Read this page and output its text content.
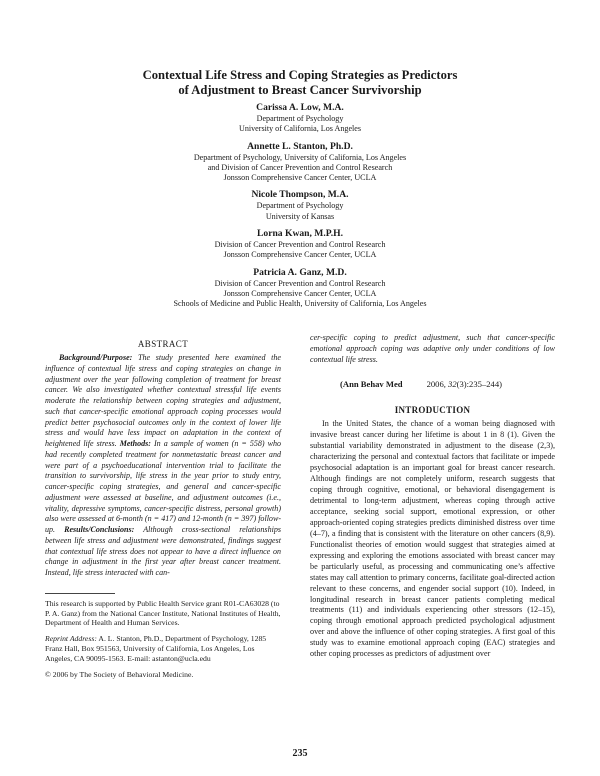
Contextual Life Stress and Coping Strategies as Predictors
of Adjustment to Breast Cancer Survivorship
Carissa A. Low, M.A.
Department of Psychology
University of California, Los Angeles
Annette L. Stanton, Ph.D.
Department of Psychology, University of California, Los Angeles
and Division of Cancer Prevention and Control Research
Jonsson Comprehensive Cancer Center, UCLA
Nicole Thompson, M.A.
Department of Psychology
University of Kansas
Lorna Kwan, M.P.H.
Division of Cancer Prevention and Control Research
Jonsson Comprehensive Cancer Center, UCLA
Patricia A. Ganz, M.D.
Division of Cancer Prevention and Control Research
Jonsson Comprehensive Cancer Center, UCLA
Schools of Medicine and Public Health, University of California, Los Angeles
ABSTRACT

Background/Purpose: The study presented here examined the influence of contextual life stress and coping strategies on change in adjustment over the year following completion of treatment for breast cancer. We also investigated whether contextual stressful life events moderate the relationship between coping strategies and adjustment, such that cancer-specific emotional approach coping processes would predict better psychosocial outcomes only in the context of lower life stress and would have less impact on adaptation in the context of heightened life stress. Methods: In a sample of women (n = 558) who had recently completed treatment for nonmetastatic breast cancer and were part of a psychoeducational intervention trial to facilitate the transition to survivorship, life stress in the year prior to study entry, cancer-specific coping strategies, and general and cancer-specific adjustment were assessed at baseline, and adjustment outcomes (i.e., vitality, depressive symptoms, cancer-specific distress, personal growth) also were assessed at 6-month (n = 417) and 12-month (n = 397) follow-up. Results/Conclusions: Although cross-sectional relationships between life stress and adjustment were demonstrated, findings suggest that contextual life stress does not appear to have a direct influence on change in adjustment in the first year after breast cancer treatment. Instead, life stress interacted with can-

This research is supported by Public Health Service grant R01-CA63028 (to P. A. Ganz) from the National Cancer Institute, National Institutes of Health, Department of Health and Human Services.

Reprint Address: A. L. Stanton, Ph.D., Department of Psychology, 1285 Franz Hall, Box 951563, University of California, Los Angeles, Los Angeles, CA 90095-1563. E-mail: astanton@ucla.edu

© 2006 by The Society of Behavioral Medicine.

cer-specific coping to predict adjustment, such that cancer-specific emotional approach coping was adaptive only under conditions of low contextual life stress.

(Ann Behav Med	2006, 32(3):235–244)
INTRODUCTION

In the United States, the chance of a woman being diagnosed with invasive breast cancer during her lifetime is about 1 in 8 (1). Given the substantial variability demonstrated in adjustment to the disease (2,3), characterizing the personal and contextual factors that facilitate or impede psychosocial adaptation is an important goal for breast cancer research. Although findings are not completely uniform, research suggests that coping through cognitive, emotional, or behavioral disengagement is detrimental to long-term adjustment, whereas coping through active acceptance, seeking social support, emotional expression, or other approach-oriented coping strategies predicts diminished distress over time (4–7), a finding that is consistent with the literature on other cancers (8,9). Functionalist theories of emotion would suggest that strategies aimed at expressing and exploring the emotions associated with breast cancer may be particularly useful, as processing and communicating one’s affective states may call attention to primary concerns, facilitate goal-directed action relevant to these concerns, and engender social support (10). Indeed, in longitudinal research in breast cancer patients completing medical treatments (11) and individuals experiencing other stressors (12–15), coping through emotional approach predicted psychological adjustment over and above the influence of other coping strategies. A first goal of this study was to examine emotional approach coping (EAC) strategies and other coping processes as predictors of adjustment over

235
